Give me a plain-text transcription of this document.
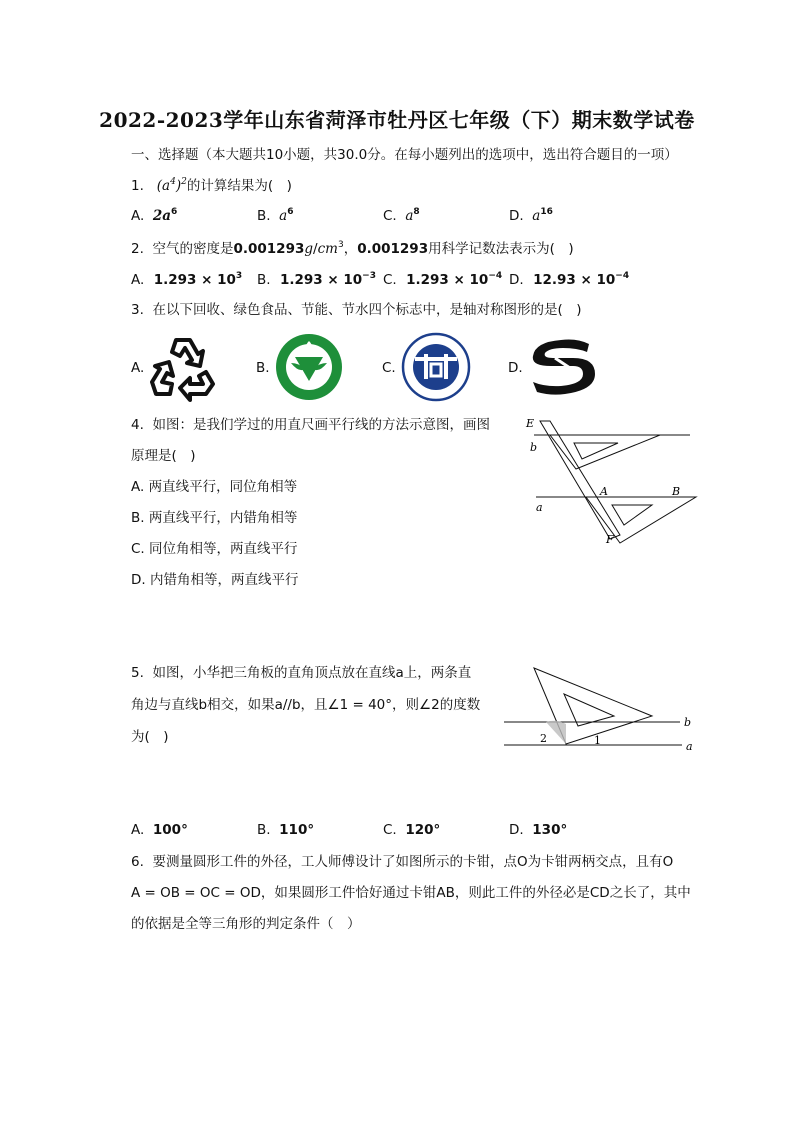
2022-2023学年山东省菏泽市牡丹区七年级（下）期末数学试卷
一、选择题（本大题共10小题，共30.0分。在每小题列出的选项中，选出符合题目的一项）
1. $(a^4)^2$的计算结果为(　)
A. $2a^6$	B. $a^6$	C. $a^8$	D. $a^{16}$
2. 空气的密度是$0.001293g/cm^3$，0.001293用科学记数法表示为(　)
A. $1.293 \times 10^3$ B. $1.293 \times 10^{-3}$ C. $1.293 \times 10^{-4}$ D. $12.93 \times 10^{-4}$
3. 在以下回收、绿色食品、节能、节水四个标志中，是轴对称图形的是(　)
A.	B.	C.	D.
4. 如图：是我们学过的用直尺画平行线的方法示意图，画图
原理是(　)
A. 两直线平行，同位角相等
B. 两直线平行，内错角相等
C. 同位角相等，两直线平行
D. 内错角相等，两直线平行
E
b
A	B
a
F
5. 如图，小华把三角板的直角顶点放在直线a上，两条直
角边与直线b相交，如果a//b，且∠1 = 40°，则∠2的度数
为(　)
b
a
1
2
A. 100°	B. 110°	C. 120°	D. 130°
6. 要测量圆形工件的外径，工人师傅设计了如图所示的卡钳，点O为卡钳两柄交点，且有O
A = OB = OC = OD，如果圆形工件恰好通过卡钳AB，则此工件的外径必是CD之长了，其中
的依据是全等三角形的判定条件（　）
